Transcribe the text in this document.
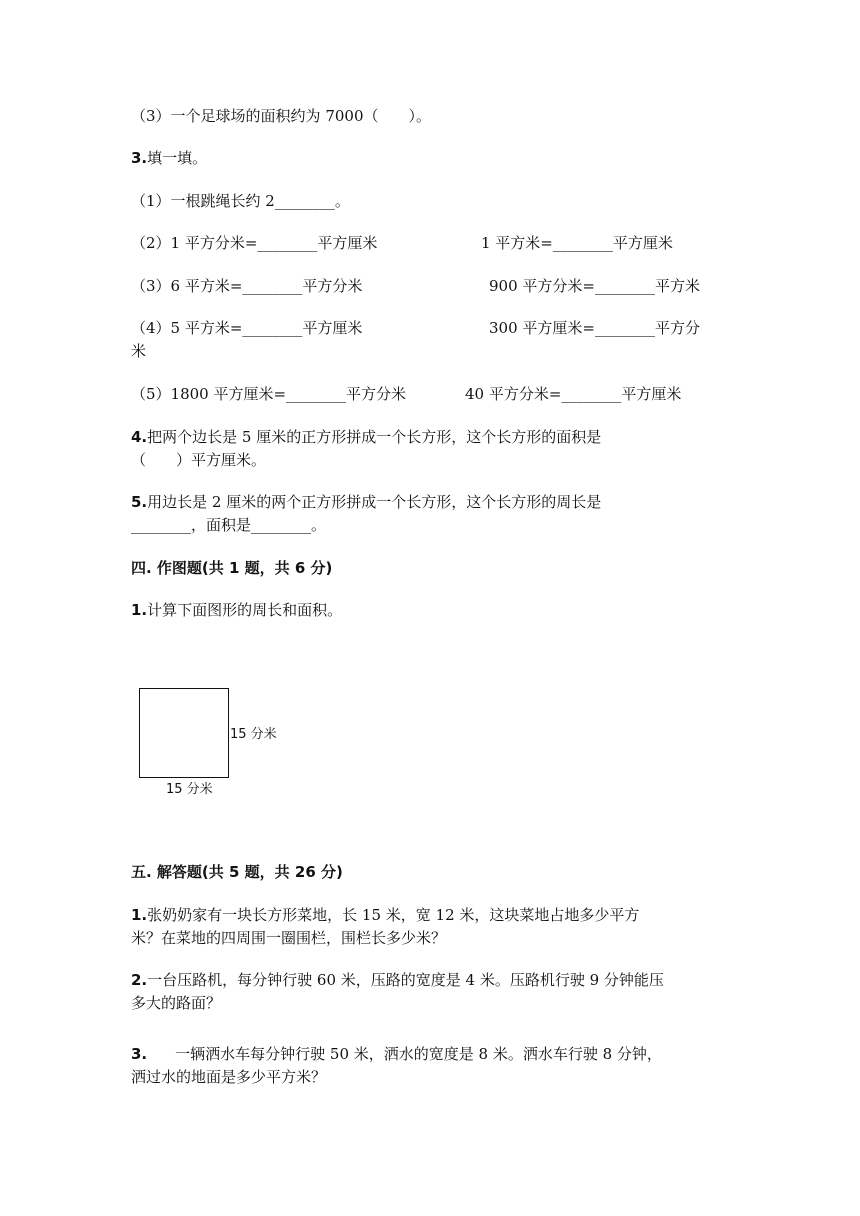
（3）一个足球场的面积约为 7000（　　）。
3.填一填。
（1）一根跳绳长约 2________。
（2）1 平方分米=________平方厘米	1 平方米=________平方厘米
（3）6 平方米=________平方分米	900 平方分米=________平方米
（4）5 平方米=________平方厘米	300 平方厘米=________平方分
米
（5）1800 平方厘米=________平方分米	40 平方分米=________平方厘米
4.把两个边长是 5 厘米的正方形拼成一个长方形，这个长方形的面积是
（　　）平方厘米。
5.用边长是 2 厘米的两个正方形拼成一个长方形，这个长方形的周长是
________，面积是________。
四. 作图题(共 1 题，共 6 分)
1.计算下面图形的周长和面积。
15 分米
15 分米
五. 解答题(共 5 题，共 26 分)
1.张奶奶家有一块长方形菜地，长 15 米，宽 12 米，这块菜地占地多少平方
米？在菜地的四周围一圈围栏，围栏长多少米？
2.一台压路机，每分钟行驶 60 米，压路的宽度是 4 米。压路机行驶 9 分钟能压
多大的路面？
3. 一辆洒水车每分钟行驶 50 米，洒水的宽度是 8 米。洒水车行驶 8 分钟，
洒过水的地面是多少平方米？
